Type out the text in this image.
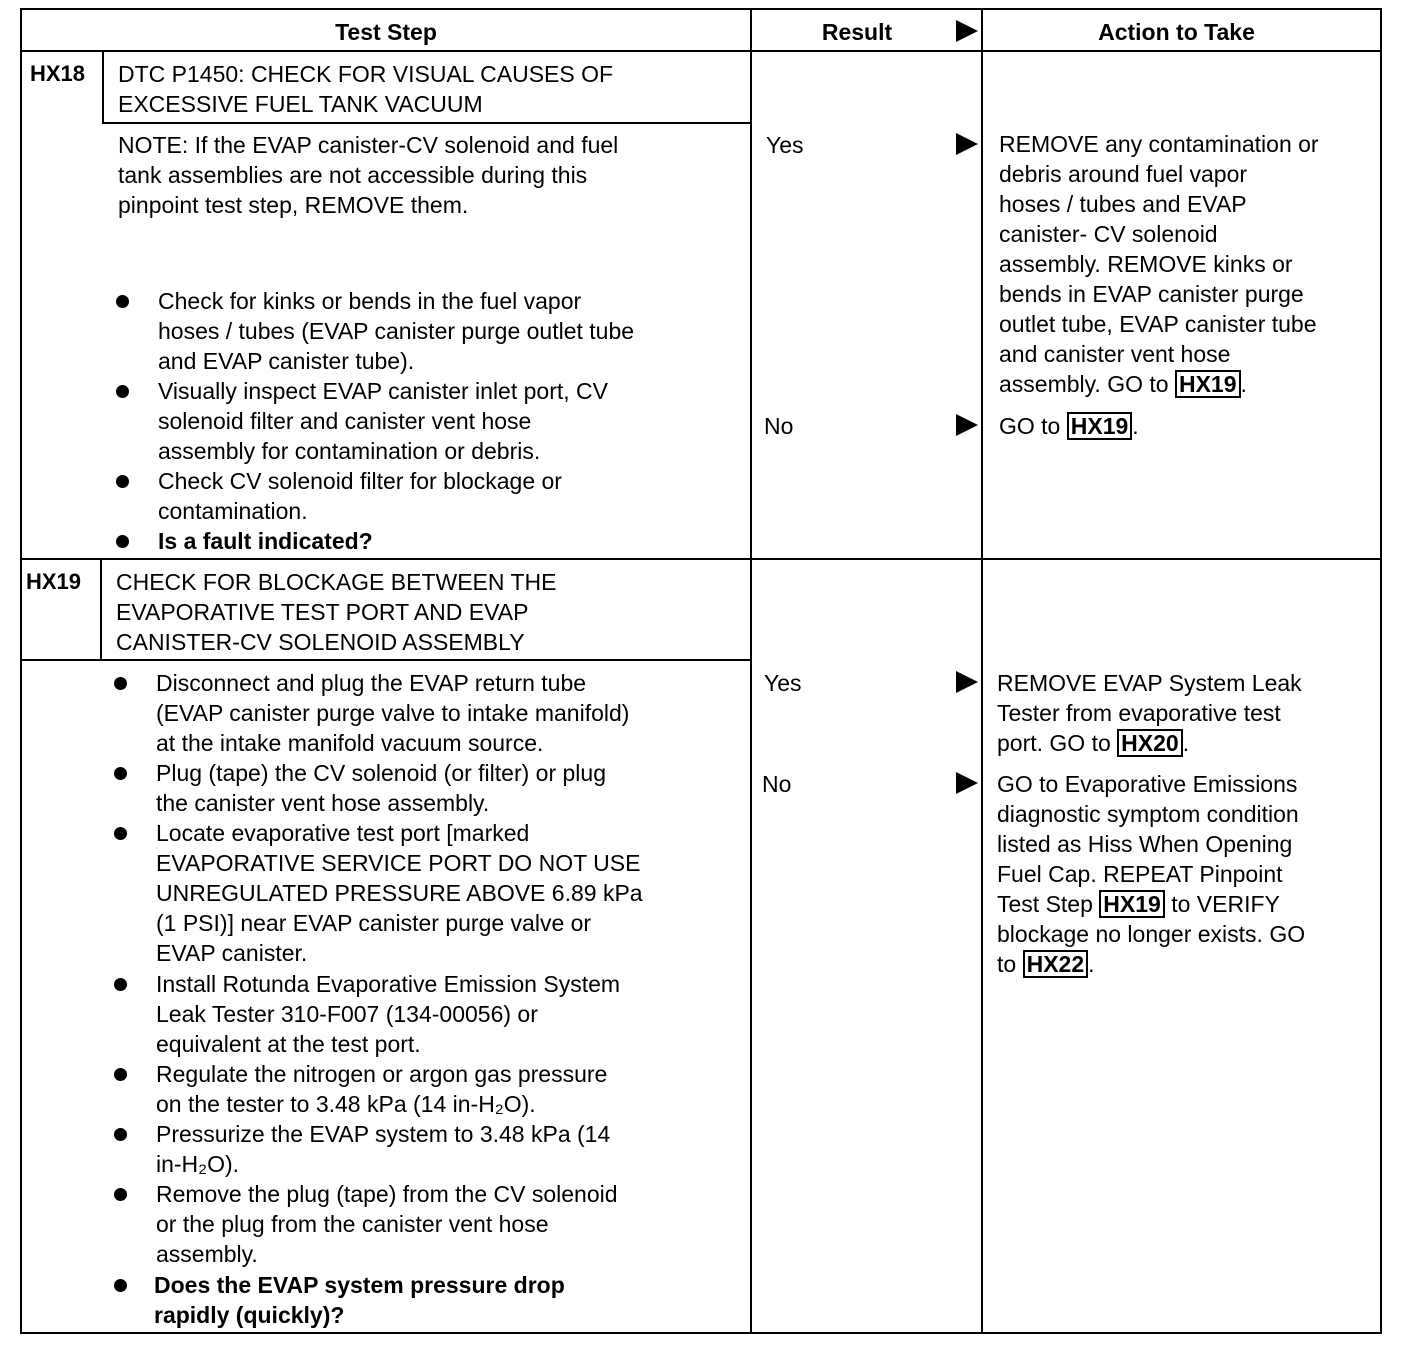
Test Step	Result	Action to Take
HX18 DTC P1450: CHECK FOR VISUAL CAUSES OF
EXCESSIVE FUEL TANK VACUUM
NOTE: If the EVAP canister-CV solenoid and fuel
tank assemblies are not accessible during this
pinpoint test step, REMOVE them.
Check for kinks or bends in the fuel vapor
hoses / tubes (EVAP canister purge outlet tube
and EVAP canister tube).
Visually inspect EVAP canister inlet port, CV
solenoid filter and canister vent hose
assembly for contamination or debris.
Check CV solenoid filter for blockage or
contamination.
Is a fault indicated?
Yes
No
REMOVE any contamination or
debris around fuel vapor
hoses / tubes and EVAP
canister- CV solenoid
assembly. REMOVE kinks or
bends in EVAP canister purge
outlet tube, EVAP canister tube
and canister vent hose
assembly. GO to HX19 .
GO to HX19 .
HX19 CHECK FOR BLOCKAGE BETWEEN THE
EVAPORATIVE TEST PORT AND EVAP
CANISTER-CV SOLENOID ASSEMBLY
Disconnect and plug the EVAP return tube
(EVAP canister purge valve to intake manifold)
at the intake manifold vacuum source.
Plug (tape) the CV solenoid (or filter) or plug
the canister vent hose assembly.
Locate evaporative test port [marked
EVAPORATIVE SERVICE PORT DO NOT USE
UNREGULATED PRESSURE ABOVE 6.89 kPa
(1 PSI)] near EVAP canister purge valve or
EVAP canister.
Install Rotunda Evaporative Emission System
Leak Tester 310-F007 (134-00056) or
equivalent at the test port.
Regulate the nitrogen or argon gas pressure
on the tester to 3.48 kPa (14 in-H₂O).
Pressurize the EVAP system to 3.48 kPa (14
in-H₂O).
Remove the plug (tape) from the CV solenoid
or the plug from the canister vent hose
assembly.
Does the EVAP system pressure drop
rapidly (quickly)?
Yes
No
REMOVE EVAP System Leak
Tester from evaporative test
port. GO to HX20 .
GO to Evaporative Emissions
diagnostic symptom condition
listed as Hiss When Opening
Fuel Cap. REPEAT Pinpoint
Test Step HX19 to VERIFY
blockage no longer exists. GO
to HX22 .
